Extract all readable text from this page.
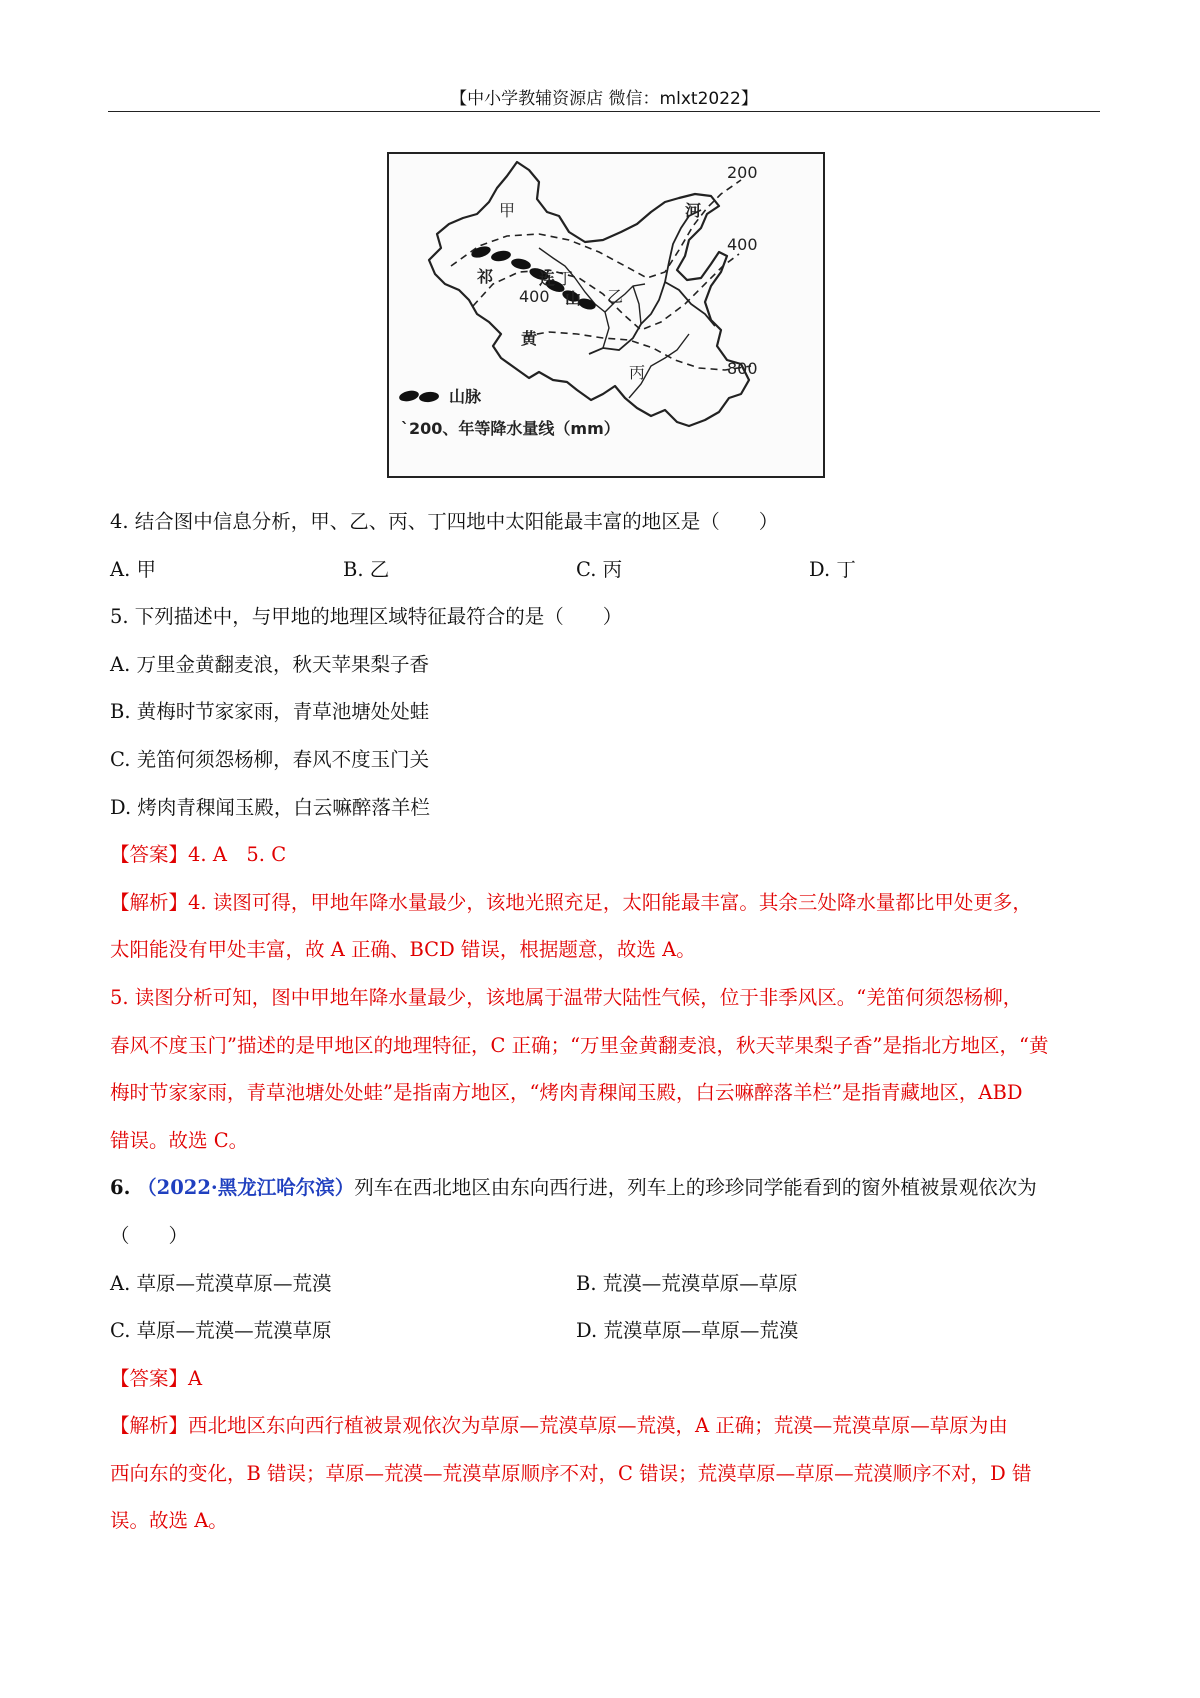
【中小学教辅资源店 微信：mlxt2022】
200
400
800
400
甲
乙
丙
丁
河
黄
祁	连
山
山脉
`200、年等降水量线（mm）
4. 结合图中信息分析，甲、乙、丙、丁四地中太阳能最丰富的地区是（　　）
A. 甲	B. 乙	C. 丙	D. 丁
5. 下列描述中，与甲地的地理区域特征最符合的是（　　）
A. 万里金黄翻麦浪，秋天苹果梨子香
B. 黄梅时节家家雨，青草池塘处处蛙
C. 羌笛何须怨杨柳，春风不度玉门关
D. 烤肉青稞闻玉殿，白云嘛醉落羊栏
【答案】4. A　5. C
【解析】4. 读图可得，甲地年降水量最少，该地光照充足，太阳能最丰富。其余三处降水量都比甲处更多，
太阳能没有甲处丰富，故 A 正确、BCD 错误，根据题意，故选 A。
5. 读图分析可知，图中甲地年降水量最少，该地属于温带大陆性气候，位于非季风区。“羌笛何须怨杨柳，
春风不度玉门”描述的是甲地区的地理特征，C 正确；“万里金黄翻麦浪，秋天苹果梨子香”是指北方地区，“黄
梅时节家家雨，青草池塘处处蛙”是指南方地区，“烤肉青稞闻玉殿，白云嘛醉落羊栏”是指青藏地区，ABD
错误。故选 C。
6. （2022·黑龙江哈尔滨）列车在西北地区由东向西行进，列车上的珍珍同学能看到的窗外植被景观依次为
（　　）
A. 草原—荒漠草原—荒漠	B. 荒漠—荒漠草原—草原
C. 草原—荒漠—荒漠草原	D. 荒漠草原—草原—荒漠
【答案】A
【解析】西北地区东向西行植被景观依次为草原—荒漠草原—荒漠，A 正确；荒漠—荒漠草原—草原为由
西向东的变化，B 错误；草原—荒漠—荒漠草原顺序不对，C 错误；荒漠草原—草原—荒漠顺序不对，D 错
误。故选 A。
